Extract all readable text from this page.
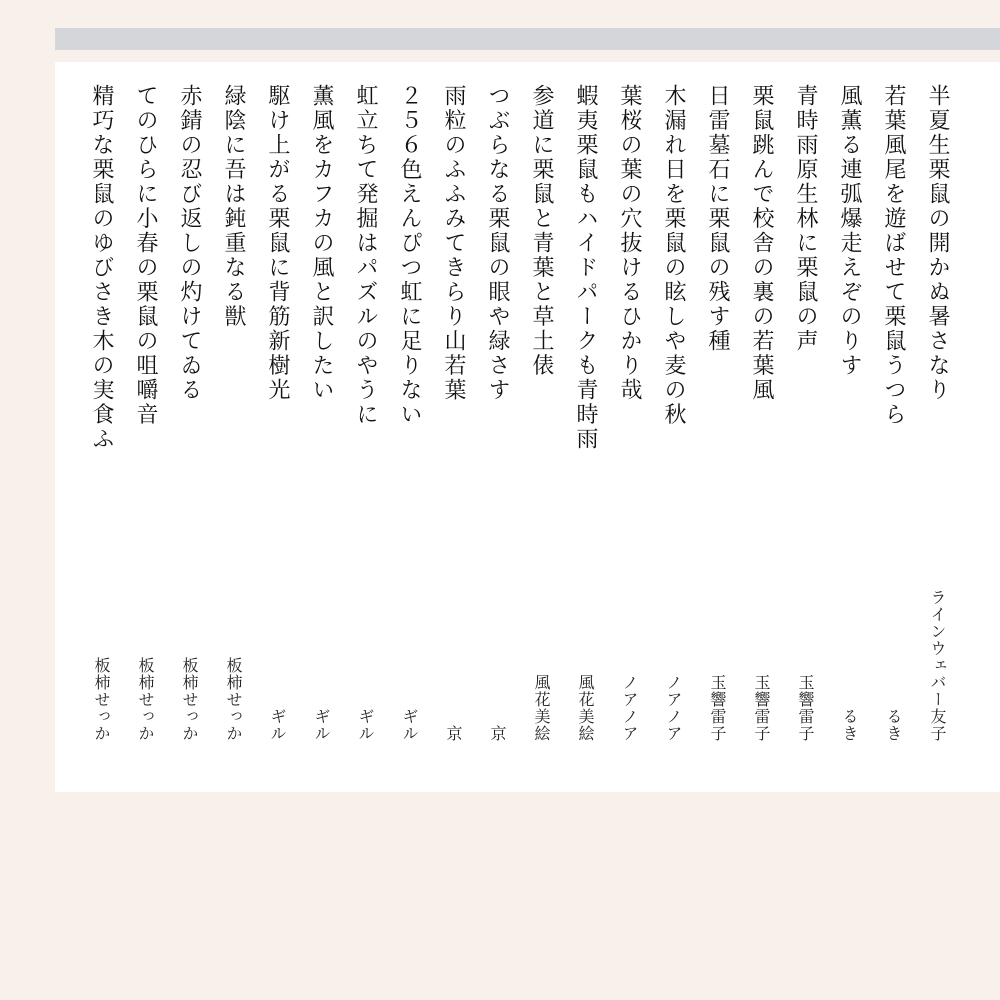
半夏生栗鼠の開かぬ暑さなり
ラインウェバー友子
若葉風尾を遊ばせて栗鼠うつら
るき
風薫る連弧爆走えぞのりす
るき
青時雨原生林に栗鼠の声
玉響雷子
栗鼠跳んで校舎の裏の若葉風
玉響雷子
日雷墓石に栗鼠の残す種
玉響雷子
木漏れ日を栗鼠の眩しや麦の秋
ノアノア
葉桜の葉の穴抜けるひかり哉
ノアノア
蝦夷栗鼠もハイドパークも青時雨
風花美絵
参道に栗鼠と青葉と草土俵
風花美絵
つぶらなる栗鼠の眼や緑さす
京
雨粒のふふみてきらり山若葉
京
２５６色えんぴつ虹に足りない
ギル
虹立ちて発掘はパズルのやうに
ギル
薫風をカフカの風と訳したい
ギル
駆け上がる栗鼠に背筋新樹光
ギル
緑陰に吾は鈍重なる獣
板柿せっか
赤錆の忍び返しの灼けてゐる
板柿せっか
てのひらに小春の栗鼠の咀嚼音
板柿せっか
精巧な栗鼠のゆびさき木の実食ふ
板柿せっか
